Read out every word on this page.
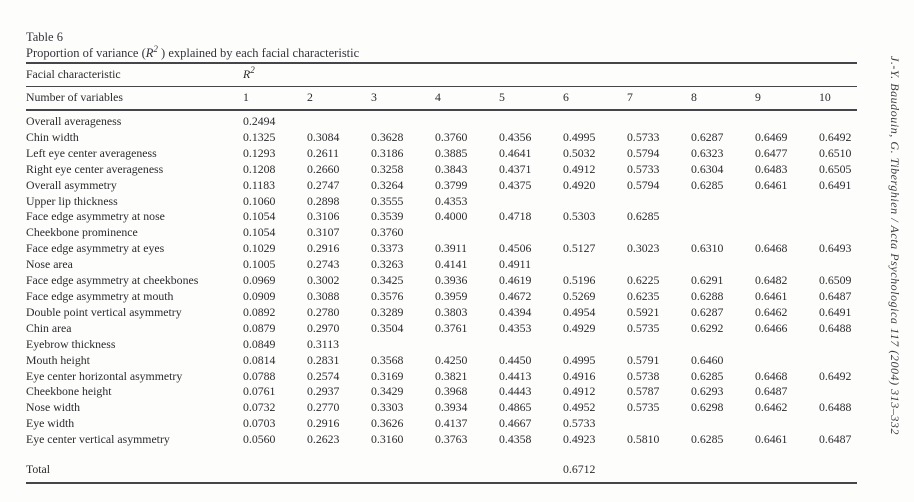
Table 6
Proportion of variance ($R^2$ ) explained by each facial characteristic
Facial characteristic	$R^2$
Number of variables	1	2	3	4	5	6	7	8	9	10
Overall averageness	0.2494									
Chin width	0.1325	0.3084	0.3628	0.3760	0.4356	0.4995	0.5733	0.6287	0.6469	0.6492
Left eye center averageness	0.1293	0.2611	0.3186	0.3885	0.4641	0.5032	0.5794	0.6323	0.6477	0.6510
Right eye center averageness	0.1208	0.2660	0.3258	0.3843	0.4371	0.4912	0.5733	0.6304	0.6483	0.6505
Overall asymmetry	0.1183	0.2747	0.3264	0.3799	0.4375	0.4920	0.5794	0.6285	0.6461	0.6491
Upper lip thickness	0.1060	0.2898	0.3555	0.4353						
Face edge asymmetry at nose	0.1054	0.3106	0.3539	0.4000	0.4718	0.5303	0.6285			
Cheekbone prominence	0.1054	0.3107	0.3760							
Face edge asymmetry at eyes	0.1029	0.2916	0.3373	0.3911	0.4506	0.5127	0.3023	0.6310	0.6468	0.6493
Nose area	0.1005	0.2743	0.3263	0.4141	0.4911					
Face edge asymmetry at cheekbones	0.0969	0.3002	0.3425	0.3936	0.4619	0.5196	0.6225	0.6291	0.6482	0.6509
Face edge asymmetry at mouth	0.0909	0.3088	0.3576	0.3959	0.4672	0.5269	0.6235	0.6288	0.6461	0.6487
Double point vertical asymmetry	0.0892	0.2780	0.3289	0.3803	0.4394	0.4954	0.5921	0.6287	0.6462	0.6491
Chin area	0.0879	0.2970	0.3504	0.3761	0.4353	0.4929	0.5735	0.6292	0.6466	0.6488
Eyebrow thickness	0.0849	0.3113								
Mouth height	0.0814	0.2831	0.3568	0.4250	0.4450	0.4995	0.5791	0.6460		
Eye center horizontal asymmetry	0.0788	0.2574	0.3169	0.3821	0.4413	0.4916	0.5738	0.6285	0.6468	0.6492
Cheekbone height	0.0761	0.2937	0.3429	0.3968	0.4443	0.4912	0.5787	0.6293	0.6487	
Nose width	0.0732	0.2770	0.3303	0.3934	0.4865	0.4952	0.5735	0.6298	0.6462	0.6488
Eye width	0.0703	0.2916	0.3626	0.4137	0.4667	0.5733				
Eye center vertical asymmetry	0.0560	0.2623	0.3160	0.3763	0.4358	0.4923	0.5810	0.6285	0.6461	0.6487

Total						0.6712				
J.-Y. Baudouin, G. Tiberghien / Acta Psychologica 117 (2004) 313–332
